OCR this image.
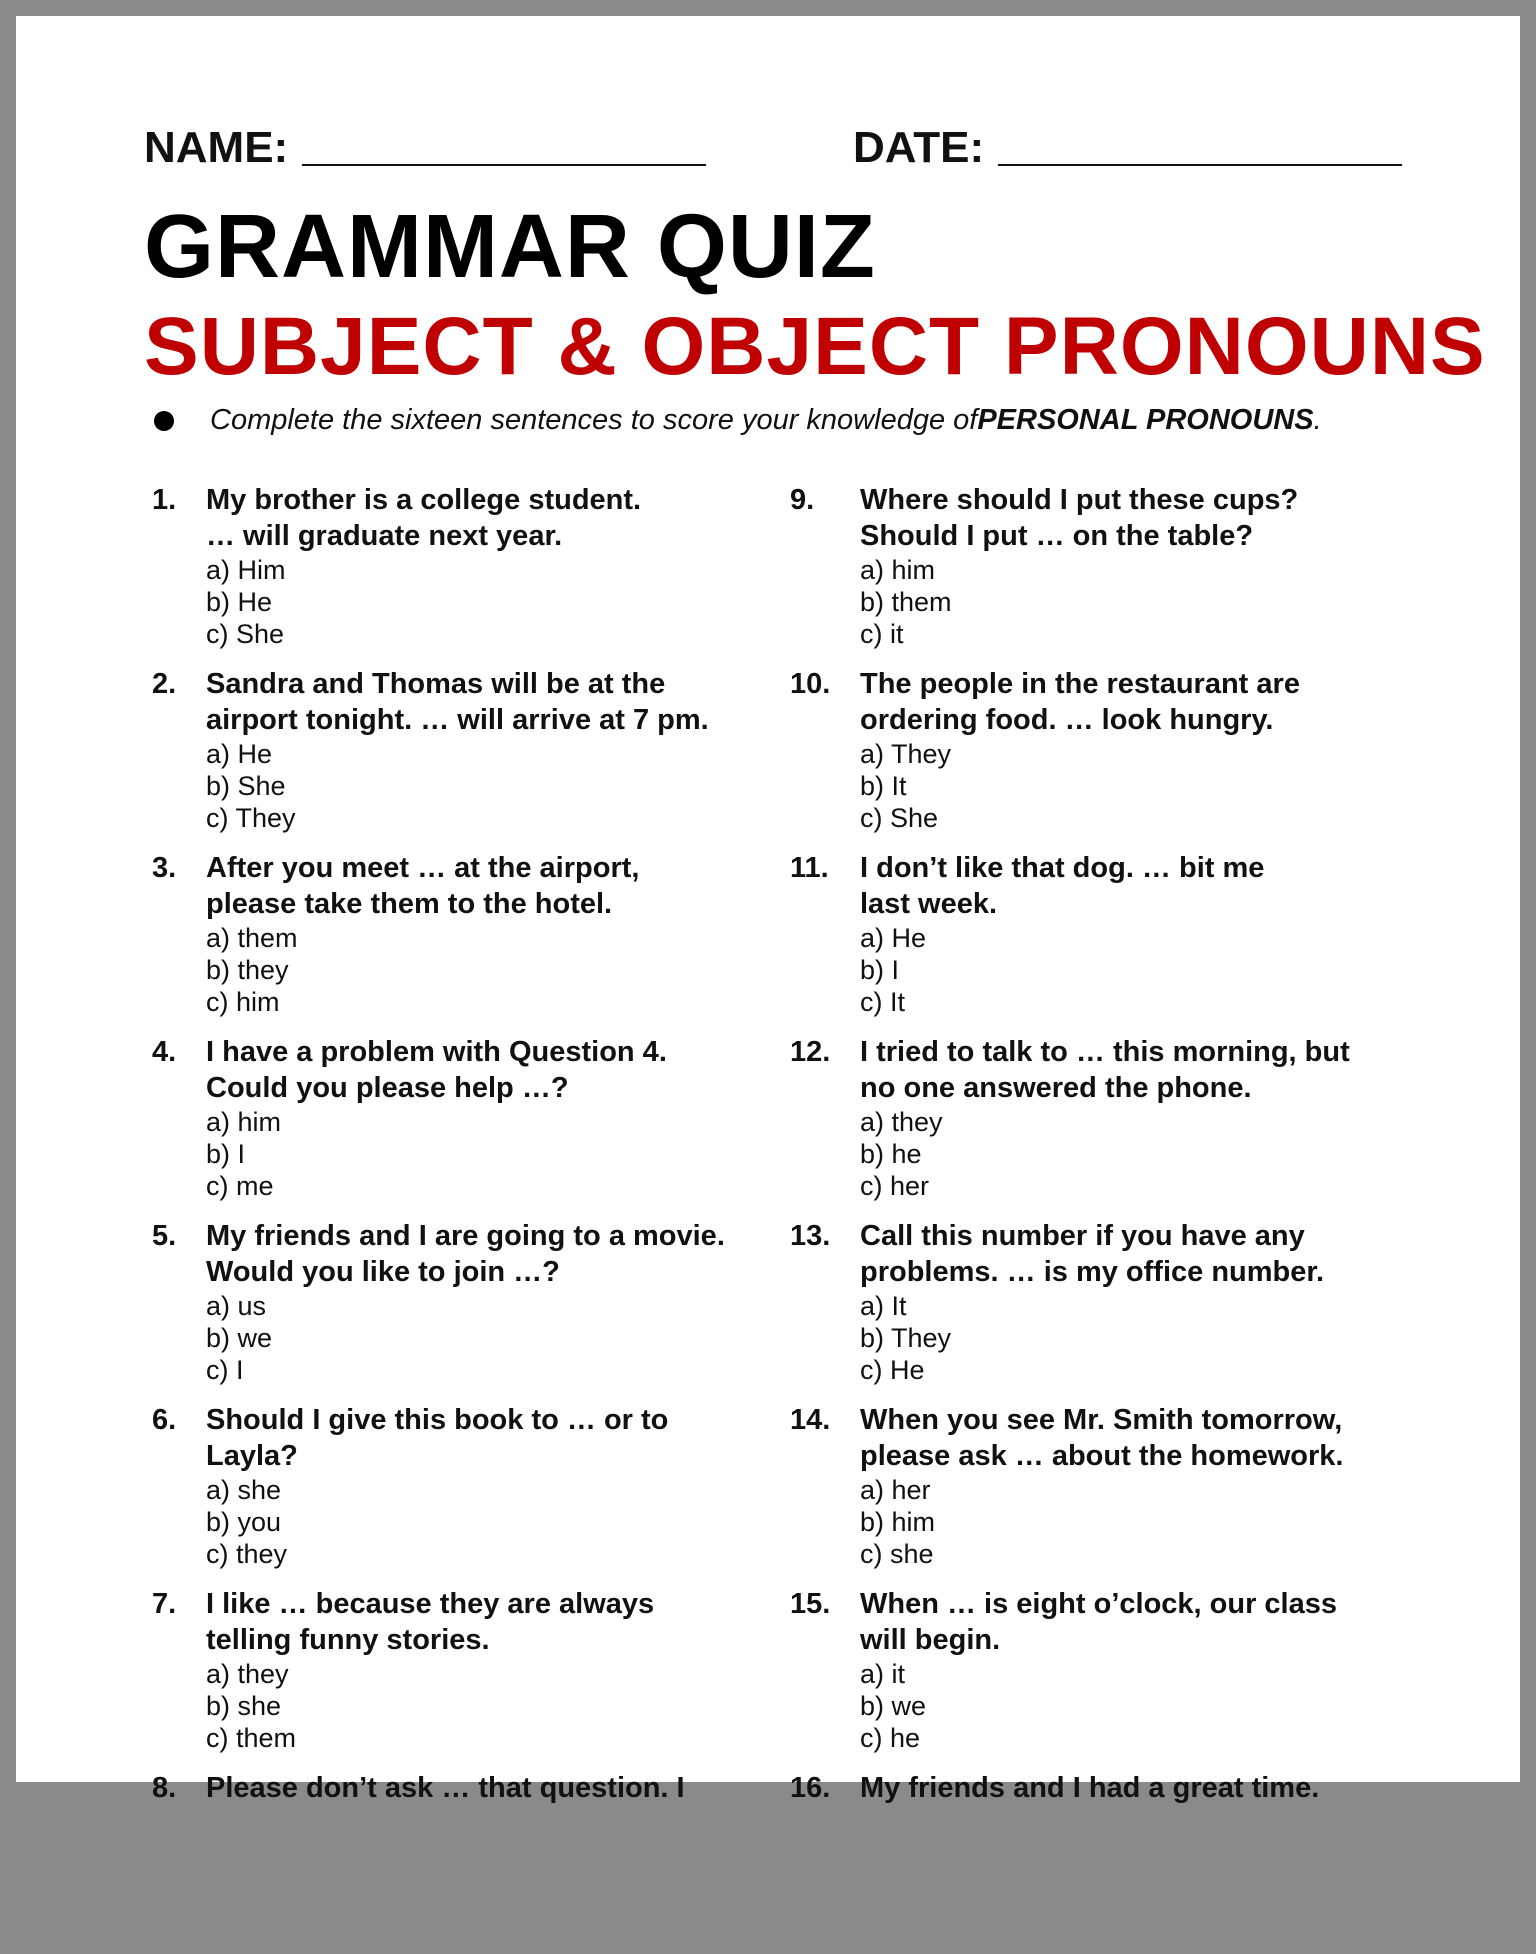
NAME:	DATE:
GRAMMAR QUIZ
SUBJECT & OBJECT PRONOUNS
Complete the sixteen sentences to score your knowledge of PERSONAL PRONOUNS .
1.	My brother is a college student.
… will graduate next year.
a) Him
b) He
c) She
2.	Sandra and Thomas will be at the
airport tonight. … will arrive at 7 pm.
a) He
b) She
c) They
3.	After you meet … at the airport,
please take them to the hotel.
a) them
b) they
c) him
4.	I have a problem with Question 4.
Could you please help …?
a) him
b) I
c) me
5.	My friends and I are going to a movie.
Would you like to join …?
a) us
b) we
c) I
6.	Should I give this book to … or to
Layla?
a) she
b) you
c) they
7.	I like … because they are always
telling funny stories.
a) they
b) she
c) them
8.	Please don’t ask … that question. I
9.	Where should I put these cups?
Should I put … on the table?
a) him
b) them
c) it
10.	The people in the restaurant are
ordering food. … look hungry.
a) They
b) It
c) She
11.	I don’t like that dog. … bit me
last week.
a) He
b) I
c) It
12.	I tried to talk to … this morning, but
no one answered the phone.
a) they
b) he
c) her
13.	Call this number if you have any
problems. … is my office number.
a) It
b) They
c) He
14.	When you see Mr. Smith tomorrow,
please ask … about the homework.
a) her
b) him
c) she
15.	When … is eight o’clock, our class
will begin.
a) it
b) we
c) he
16.	My friends and I had a great time.
